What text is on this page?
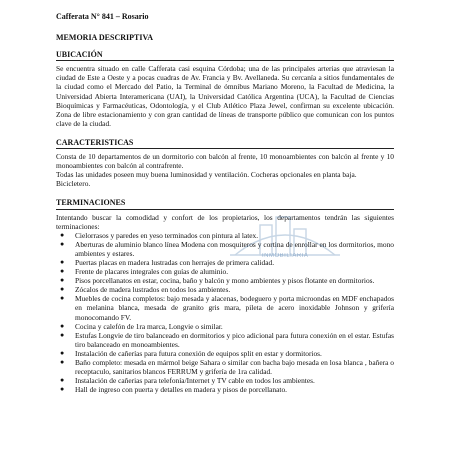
Cafferata N° 841 – Rosario
MEMORIA DESCRIPTIVA
UBICACIÓN

Se encuentra situado en calle Cafferata casi esquina Córdoba; una de las principales arterias que atraviesan la ciudad de Este a Oeste y a pocas cuadras de Av. Francia y Bv. Avellaneda. Su cercanía a sitios fundamentales de la ciudad como el Mercado del Patio, la Terminal de ómnibus Mariano Moreno, la Facultad de Medicina, la Universidad Abierta Interamericana (UAI), la Universidad Católica Argentina (UCA), la Facultad de Ciencias Bioquímicas y Farmacéuticas, Odontología, y el Club Atlético Plaza Jewel, confirman su excelente ubicación. Zona de libre estacionamiento y con gran cantidad de líneas de transporte público que comunican con los puntos clave de la ciudad.

CARACTERISTICAS

Consta de 10 departamentos de un dormitorio con balcón al frente, 10 monoambientes con balcón al frente y 10 monoambientes con balcón al contrafrente.

Todas las unidades poseen muy buena luminosidad y ventilación. Cocheras opcionales en planta baja.

Bicicletero.

TERMINACIONES

Intentando buscar la comodidad y confort de los propietarios, los departamentos tendrán las siguientes terminaciones:

● Cielorrasos y paredes en yeso terminados con pintura al latex.
● Aberturas de aluminio blanco línea Modena con mosquiteros y cortina de enrollar en los dormitorios, mono ambientes y estares.
● Puertas placas en madera lustradas con herrajes de primera calidad.
● Frente de placares integrales con guías de aluminio.
● Pisos porcellanatos en estar, cocina, baño y balcón y mono ambientes y pisos flotante en dormitorios.
● Zócalos de madera lustrados en todos los ambientes.
● Muebles de cocina completos: bajo mesada y alacenas, bodeguero y porta microondas en MDF enchapados en melanina blanca, mesada de granito gris mara, pileta de acero inoxidable Johnson y grifería monocomando FV.
● Cocina y calefón de 1ra marca, Longvie o similar.
● Estufas Longvie de tiro balanceado en dormitorios y pico adicional para futura conexión en el estar. Estufas tiro balanceado en monoambientes.
● Instalación de cañerías para futura conexión de equipos split en estar y dormitorios.
● Baño completo: mesada en mármol beige Sahara o similar con bacha bajo mesada en losa blanca , bañera o receptaculo, sanitarios blancos FERRUM y grifería de 1ra calidad.
● Instalación de cañerias para telefonía/Internet y TV cable en todos los ambientes.
● Hall de ingreso con puerta y detalles en madera y pisos de porcellanato.
INMOBILIARIA
